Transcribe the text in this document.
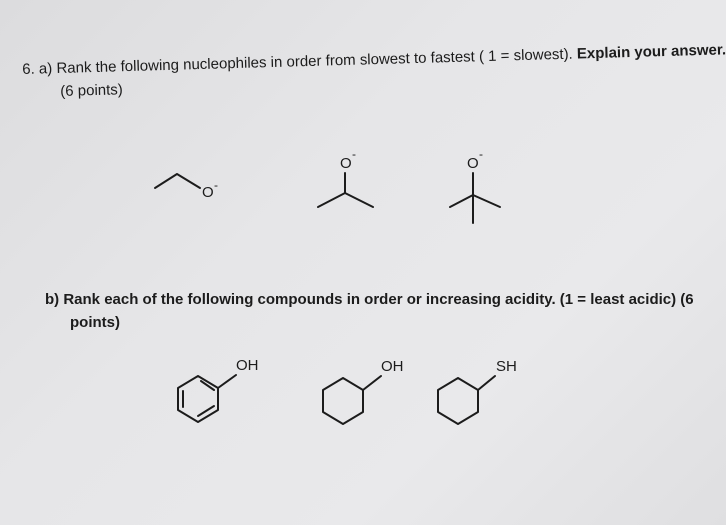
6. a) Rank the following nucleophiles in order from slowest to fastest ( 1 = slowest). Explain your answer.
(6 points)
O -
O
-
O
-
b) Rank each of the following compounds in order or increasing acidity. (1 = least acidic) (6
points)
OH	OH	SH
